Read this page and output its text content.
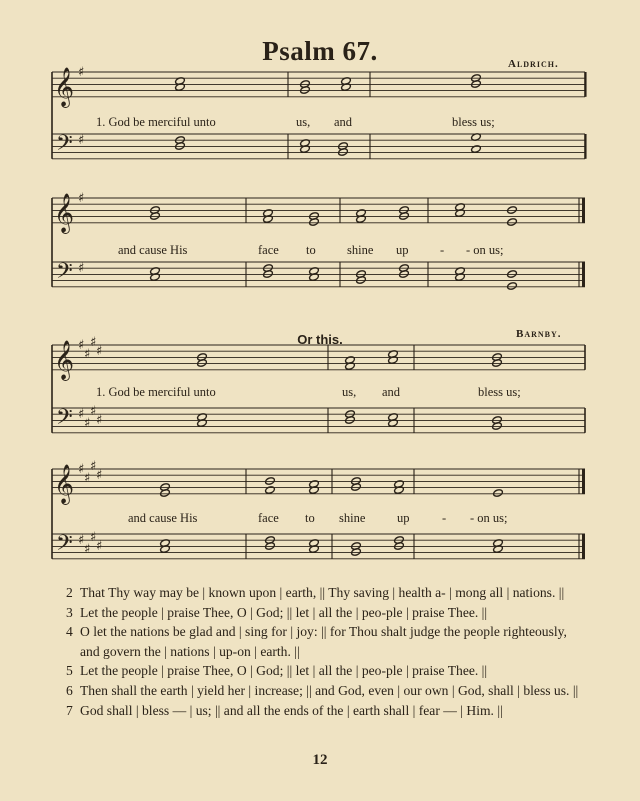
Psalm 67.	Aldrich.
𝄞
𝄢
♯
♯
𝄞
𝄢
♯
♯
𝄞
𝄢
♯
♯
♯
♯
♯
♯
♯
♯
𝄞
𝄢
♯
♯
♯
♯
♯
♯
♯
♯
1. God be merciful unto	us, and	bless us;
and cause His	face to	shine up	- - on us;
Or this.	Barnby.
1. God be merciful unto	us, and	bless us;
and cause His	face to shine	up	- - on us;
2 That Thy way may be | known upon | earth, || Thy saving | health a- | mong all | nations. ||
3 Let the people | praise Thee, O | God; || let | all the | peo-ple | praise Thee. ||
4 O let the nations be glad and | sing for | joy: || for Thou shalt judge the people righteously, and govern the | nations | up-on | earth. ||
5 Let the people | praise Thee, O | God; || let | all the | peo-ple | praise Thee. ||
6 Then shall the earth | yield her | increase; || and God, even | our own | God, shall | bless us. ||
7 God shall | bless — | us; || and all the ends of the | earth shall | fear — | Him. ||
12
